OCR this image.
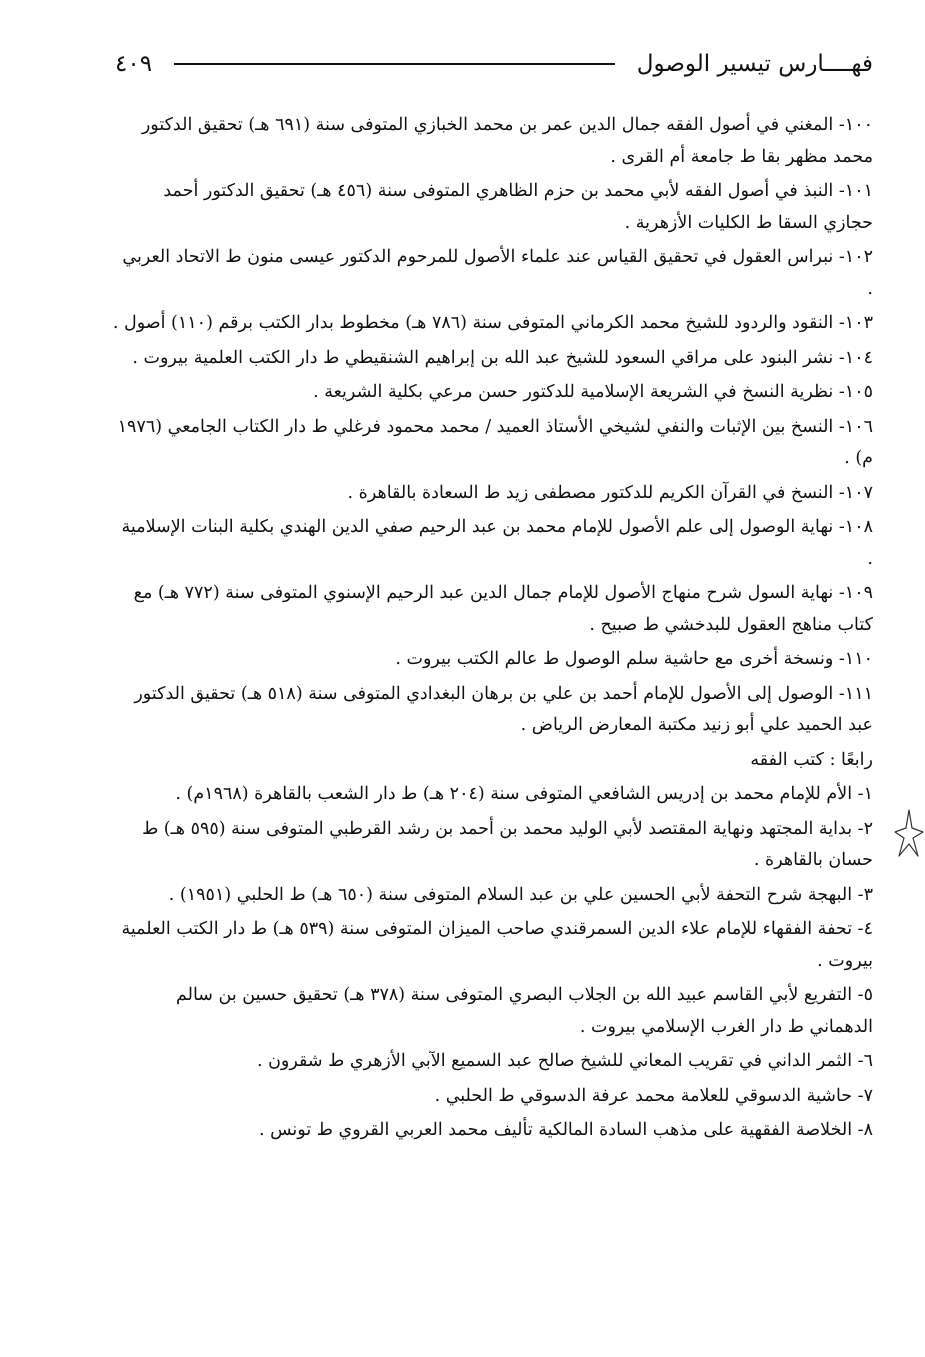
فهــــارس تيسير الوصول
٤٠٩

١٠٠- المغني في أصول الفقه جمال الدين عمر بن محمد الخبازي المتوفى سنة (٦٩١ هـ) تحقيق الدكتور محمد مظهر بقا ط جامعة أم القرى .

١٠١- النبذ في أصول الفقه لأبي محمد بن حزم الظاهري المتوفى سنة (٤٥٦ هـ) تحقيق الدكتور أحمد حجازي السقا ط الكليات الأزهرية .

١٠٢- نبراس العقول في تحقيق القياس عند علماء الأصول للمرحوم الدكتور عيسى منون ط الاتحاد العربي .

١٠٣- النقود والردود للشيخ محمد الكرماني المتوفى سنة (٧٨٦ هـ) مخطوط بدار الكتب برقم (١١٠) أصول .

١٠٤- نشر البنود على مراقي السعود للشيخ عبد الله بن إبراهيم الشنقيطي ط دار الكتب العلمية بيروت .

١٠٥- نظرية النسخ في الشريعة الإسلامية للدكتور حسن مرعي بكلية الشريعة .

١٠٦- النسخ بين الإثبات والنفي لشيخي الأستاذ العميد / محمد محمود فرغلي ط دار الكتاب الجامعي (١٩٧٦ م) .

١٠٧- النسخ في القرآن الكريم للدكتور مصطفى زيد ط السعادة بالقاهرة .

١٠٨- نهاية الوصول إلى علم الأصول للإمام محمد بن عبد الرحيم صفي الدين الهندي بكلية البنات الإسلامية .

١٠٩- نهاية السول شرح منهاج الأصول للإمام جمال الدين عبد الرحيم الإسنوي المتوفى سنة (٧٧٢ هـ) مع كتاب مناهج العقول للبدخشي ط صبيح .

١١٠- ونسخة أخرى مع حاشية سلم الوصول ط عالم الكتب بيروت .

١١١- الوصول إلى الأصول للإمام أحمد بن علي بن برهان البغدادي المتوفى سنة (٥١٨ هـ) تحقيق الدكتور عبد الحميد علي أبو زنيد مكتبة المعارض الرياض .

رابعًا : كتب الفقه

١- الأم للإمام محمد بن إدريس الشافعي المتوفى سنة (٢٠٤ هـ) ط دار الشعب بالقاهرة (١٩٦٨م) .

٢- بداية المجتهد ونهاية المقتصد لأبي الوليد محمد بن أحمد بن رشد القرطبي المتوفى سنة (٥٩٥ هـ) ط حسان بالقاهرة .

٣- البهجة شرح التحفة لأبي الحسين علي بن عبد السلام المتوفى سنة (٦٥٠ هـ) ط الحلبي (١٩٥١) .

٤- تحفة الفقهاء للإمام علاء الدين السمرقندي صاحب الميزان المتوفى سنة (٥٣٩ هـ) ط دار الكتب العلمية بيروت .

٥- التفريع لأبي القاسم عبيد الله بن الجلاب البصري المتوفى سنة (٣٧٨ هـ) تحقيق حسين بن سالم الدهماني ط دار الغرب الإسلامي بيروت .

٦- الثمر الداني في تقريب المعاني للشيخ صالح عبد السميع الآبي الأزهري ط شقرون .

٧- حاشية الدسوقي للعلامة محمد عرفة الدسوقي ط الحلبي .

٨- الخلاصة الفقهية على مذهب السادة المالكية تأليف محمد العربي القروي ط تونس .
